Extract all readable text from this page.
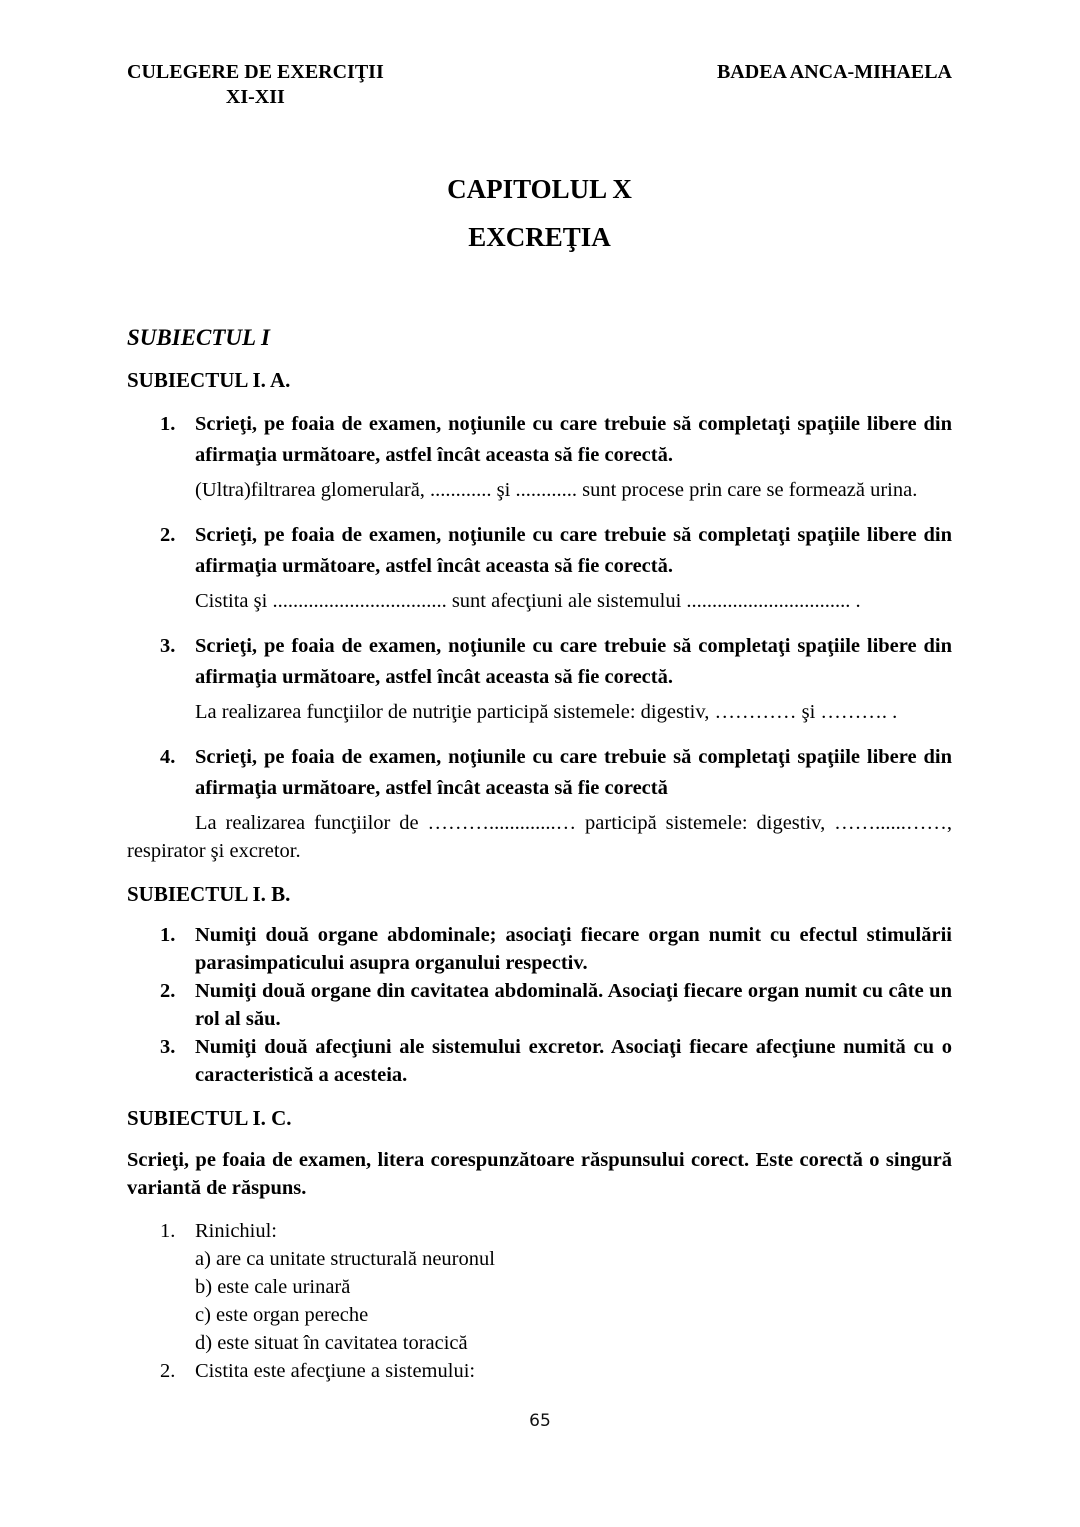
CULEGERE DE EXERCIŢII
XI-XII
BADEA ANCA-MIHAELA
CAPITOLUL X
EXCREŢIA
SUBIECTUL I
SUBIECTUL I. A.
1. Scrieţi, pe foaia de examen, noţiunile cu care trebuie să completaţi spaţiile libere din afirmaţia următoare, astfel încât aceasta să fie corectă.

(Ultra)filtrarea glomerulară, ............ şi ............ sunt procese prin care se formează urina.

2. Scrieţi, pe foaia de examen, noţiunile cu care trebuie să completaţi spaţiile libere din afirmaţia următoare, astfel încât aceasta să fie corectă.

Cistita şi .................................. sunt afecţiuni ale sistemului ................................ .

3. Scrieţi, pe foaia de examen, noţiunile cu care trebuie să completaţi spaţiile libere din afirmaţia următoare, astfel încât aceasta să fie corectă.

La realizarea funcţiilor de nutriţie participă sistemele: digestiv, ………… şi ………. .

4. Scrieţi, pe foaia de examen, noţiunile cu care trebuie să completaţi spaţiile libere din afirmaţia următoare, astfel încât aceasta să fie corectă

La realizarea funcţiilor de ……….............… participă sistemele: digestiv, ……......……, respirator şi excretor.

SUBIECTUL I. B.
1. Numiţi două organe abdominale; asociaţi fiecare organ numit cu efectul stimulării parasimpaticului asupra organului respectiv.

2. Numiţi două organe din cavitatea abdominală. Asociaţi fiecare organ numit cu câte un rol al său.

3. Numiţi două afecţiuni ale sistemului excretor. Asociaţi fiecare afecţiune numită cu o caracteristică a acesteia.

SUBIECTUL I. C.

Scrieţi, pe foaia de examen, litera corespunzătoare răspunsului corect. Este corectă o singură variantă de răspuns.

1. Rinichiul:

a) are ca unitate structurală neuronul

b) este cale urinară

c) este organ pereche

d) este situat în cavitatea toracică

2. Cistita este afecţiune a sistemului:

65
